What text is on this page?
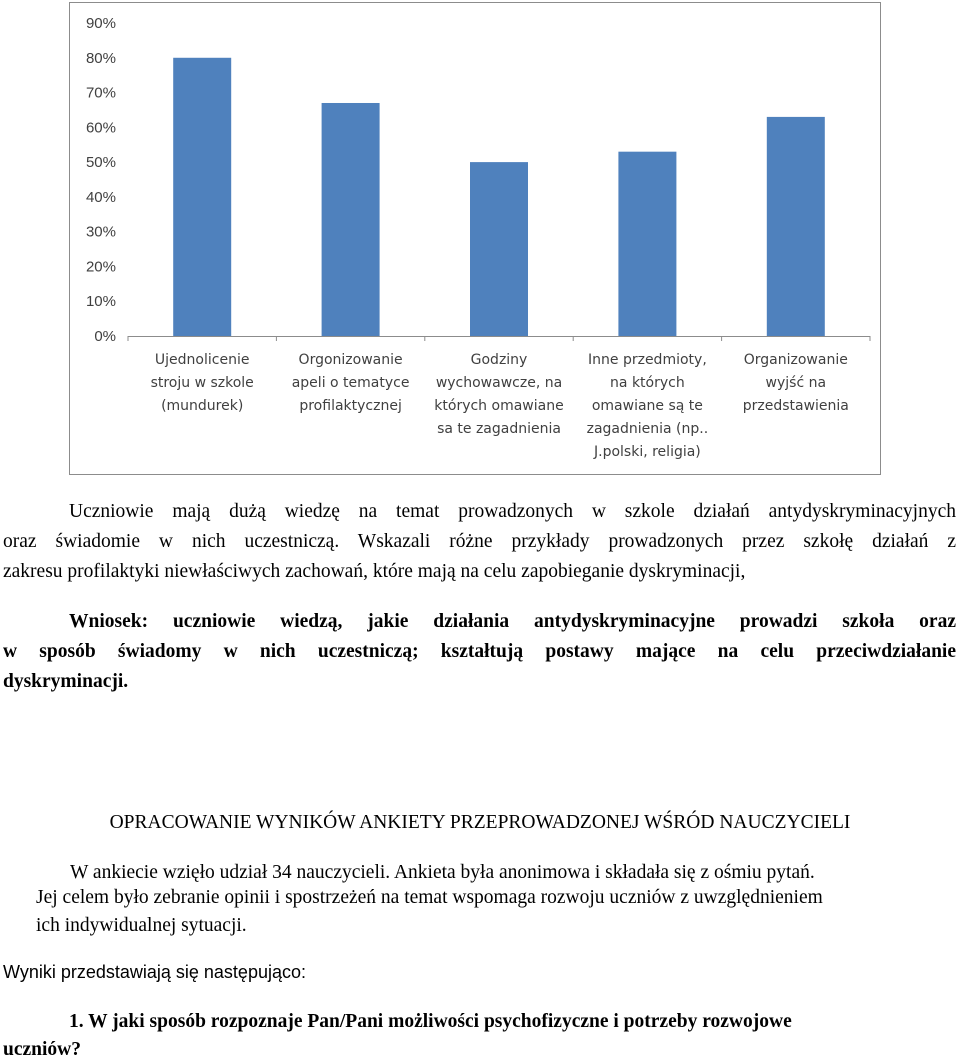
0%
10%
20%
30%
40%
50%
60%
70%
80%
90%
Ujednolicenie
stroju w szkole
(mundurek)
Orgonizowanie
apeli o tematyce
profilaktycznej
Godziny
wychowawcze, na
których omawiane
sa te zagadnienia
Inne przedmioty,
na których
omawiane są te
zagadnienia (np..
J.polski, religia)
Organizowanie
wyjść na
przedstawienia
Uczniowie mają dużą wiedzę na temat prowadzonych w szkole działań antydyskryminacyjnych
oraz świadomie w nich uczestniczą. Wskazali różne przykłady prowadzonych przez szkołę działań z
zakresu profilaktyki niewłaściwych zachowań, które mają na celu zapobieganie dyskryminacji,
Wniosek: uczniowie wiedzą, jakie działania antydyskryminacyjne prowadzi szkoła oraz
w sposób świadomy w nich uczestniczą; kształtują postawy mające na celu przeciwdziałanie
dyskryminacji.
OPRACOWANIE WYNIKÓW ANKIETY PRZEPROWADZONEJ WŚRÓD NAUCZYCIELI
W ankiecie wzięło udział 34 nauczycieli. Ankieta była anonimowa i składała się z ośmiu pytań.
Jej celem było zebranie opinii i spostrzeżeń na temat wspomaga rozwoju uczniów z uwzględnieniem
ich indywidualnej sytuacji.
Wyniki przedstawiają się następująco:
1. W jaki sposób rozpoznaje Pan/Pani możliwości psychofizyczne i potrzeby rozwojowe
uczniów?
